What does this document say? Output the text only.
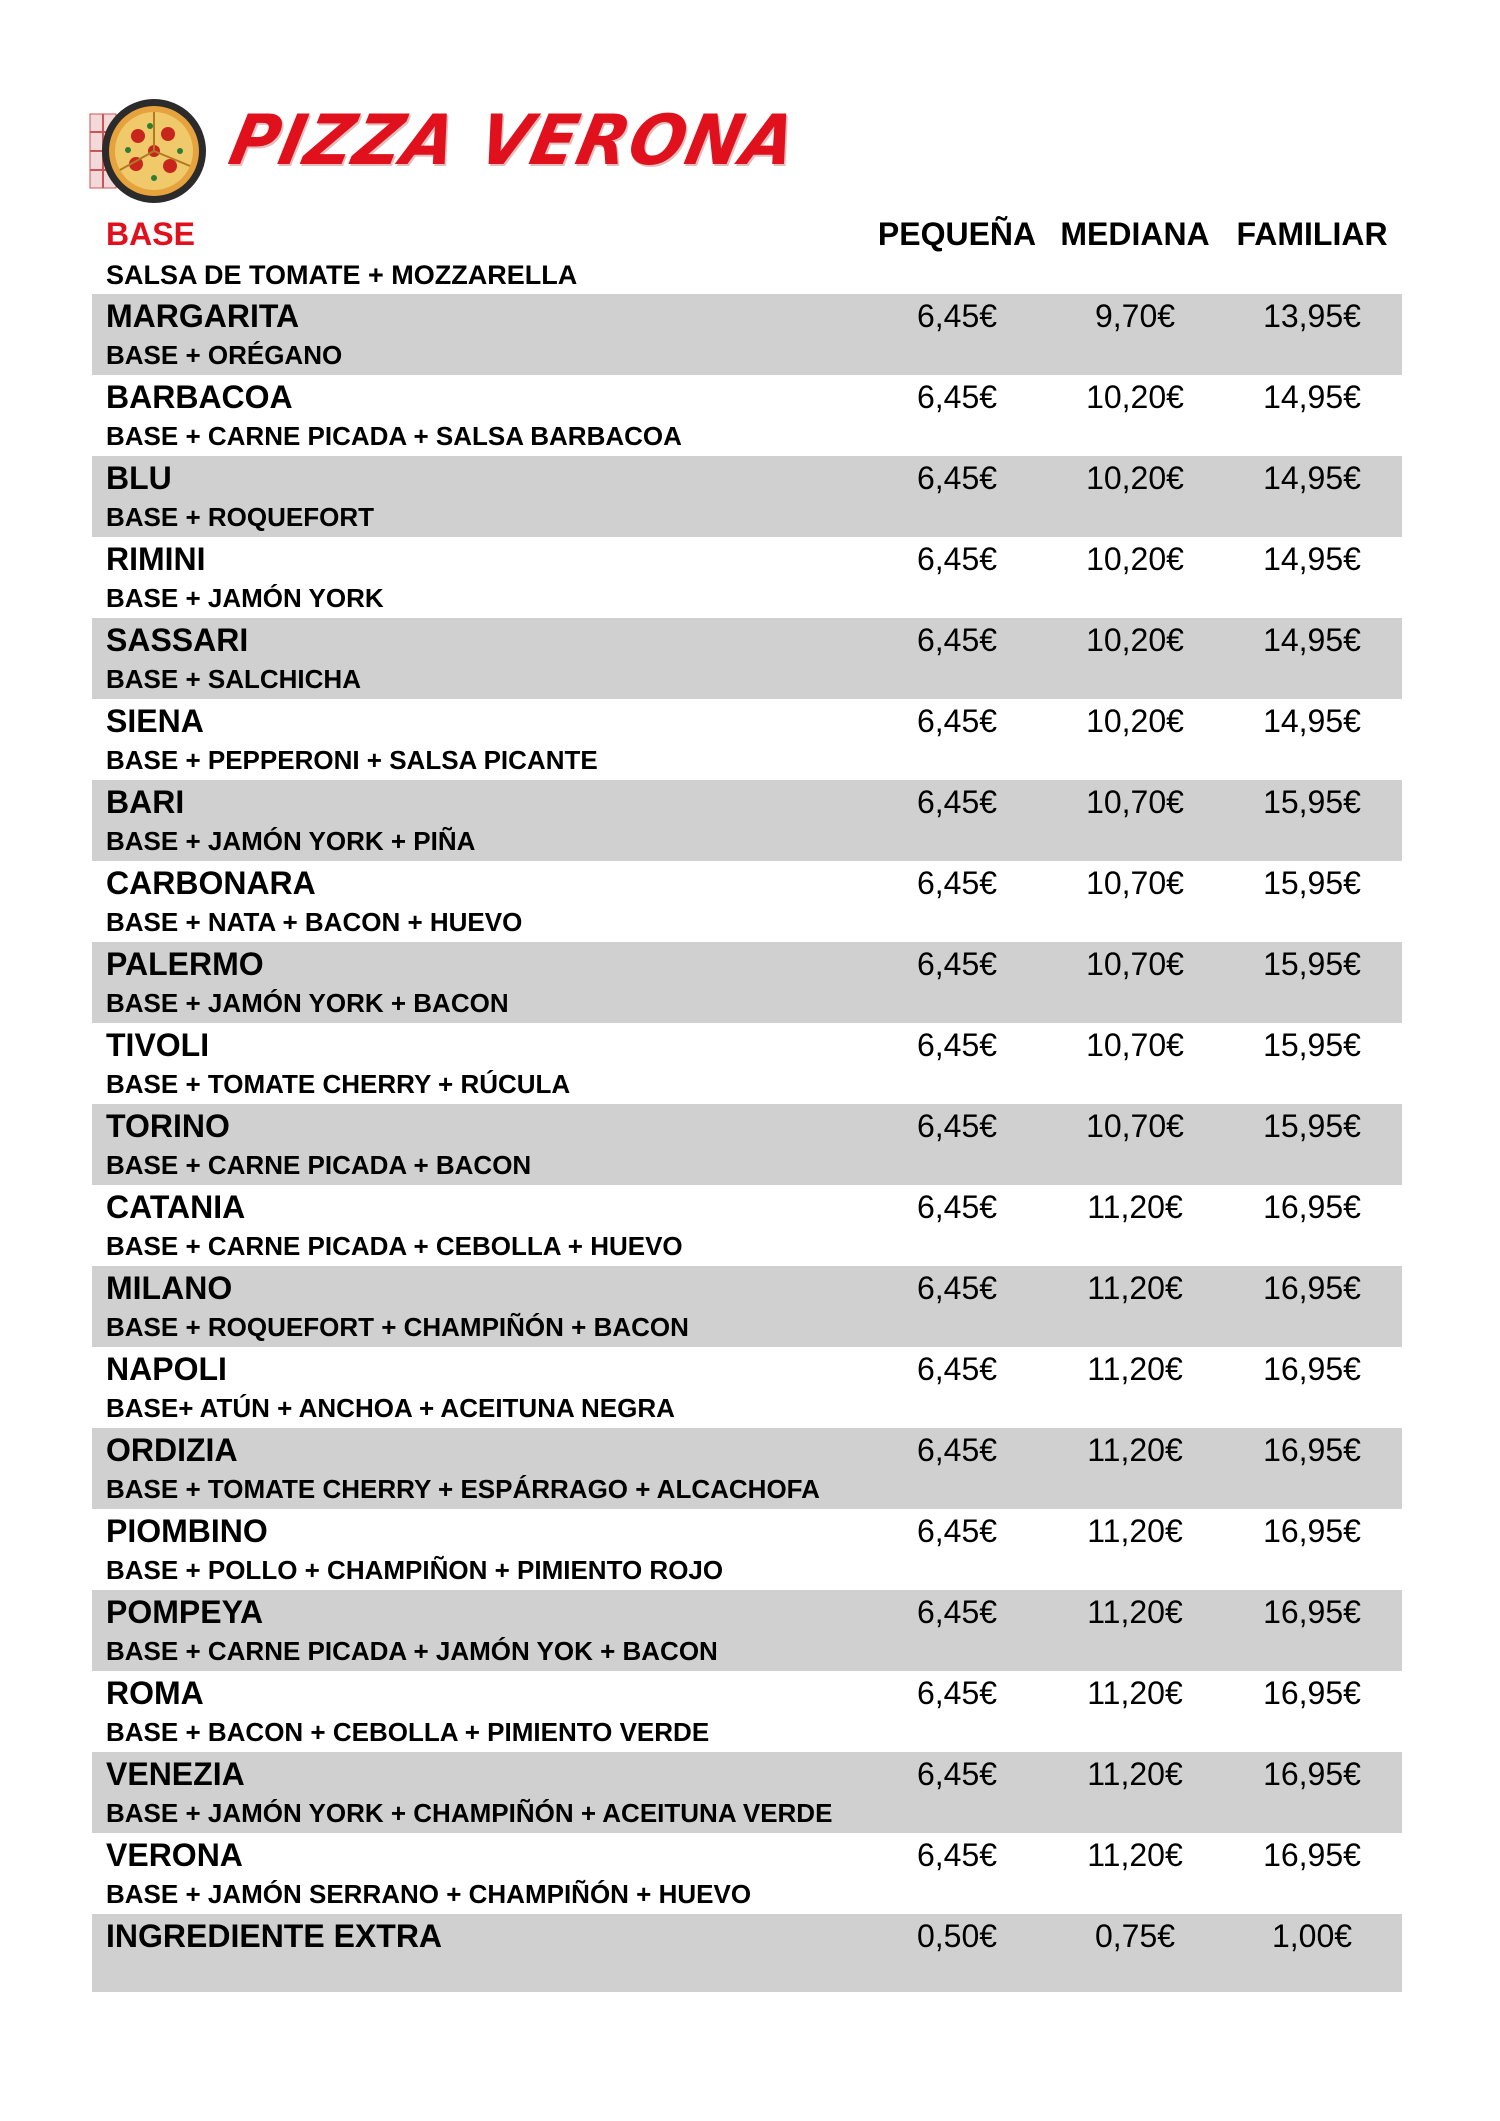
PIZZA VERONA
BASE
SALSA DE TOMATE + MOZZARELLA
PEQUEÑA MEDIANA FAMILIAR
MARGARITA
BASE + ORÉGANO
6,45€	9,70€	13,95€
BARBACOA
BASE + CARNE PICADA + SALSA BARBACOA
6,45€	10,20€	14,95€
BLU
BASE + ROQUEFORT
6,45€	10,20€	14,95€
RIMINI
BASE + JAMÓN YORK
6,45€	10,20€	14,95€
SASSARI
BASE + SALCHICHA
6,45€	10,20€	14,95€
SIENA
BASE + PEPPERONI + SALSA PICANTE
6,45€	10,20€	14,95€
BARI
BASE + JAMÓN YORK + PIÑA
6,45€	10,70€	15,95€
CARBONARA
BASE + NATA + BACON + HUEVO
6,45€	10,70€	15,95€
PALERMO
BASE + JAMÓN YORK + BACON
6,45€	10,70€	15,95€
TIVOLI
BASE + TOMATE CHERRY + RÚCULA
6,45€	10,70€	15,95€
TORINO
BASE + CARNE PICADA + BACON
6,45€	10,70€	15,95€
CATANIA
BASE + CARNE PICADA + CEBOLLA + HUEVO
6,45€	11,20€	16,95€
MILANO
BASE + ROQUEFORT + CHAMPIÑÓN + BACON
6,45€	11,20€	16,95€
NAPOLI
BASE+ ATÚN + ANCHOA + ACEITUNA NEGRA
6,45€	11,20€	16,95€
ORDIZIA
BASE + TOMATE CHERRY + ESPÁRRAGO + ALCACHOFA
6,45€	11,20€	16,95€
PIOMBINO
BASE + POLLO + CHAMPIÑON + PIMIENTO ROJO
6,45€	11,20€	16,95€
POMPEYA
BASE + CARNE PICADA + JAMÓN YOK + BACON
6,45€	11,20€	16,95€
ROMA
BASE + BACON + CEBOLLA + PIMIENTO VERDE
6,45€	11,20€	16,95€
VENEZIA
BASE + JAMÓN YORK + CHAMPIÑÓN + ACEITUNA VERDE
6,45€	11,20€	16,95€
VERONA
BASE + JAMÓN SERRANO + CHAMPIÑÓN + HUEVO
6,45€	11,20€	16,95€
INGREDIENTE EXTRA	0,50€	0,75€	1,00€
